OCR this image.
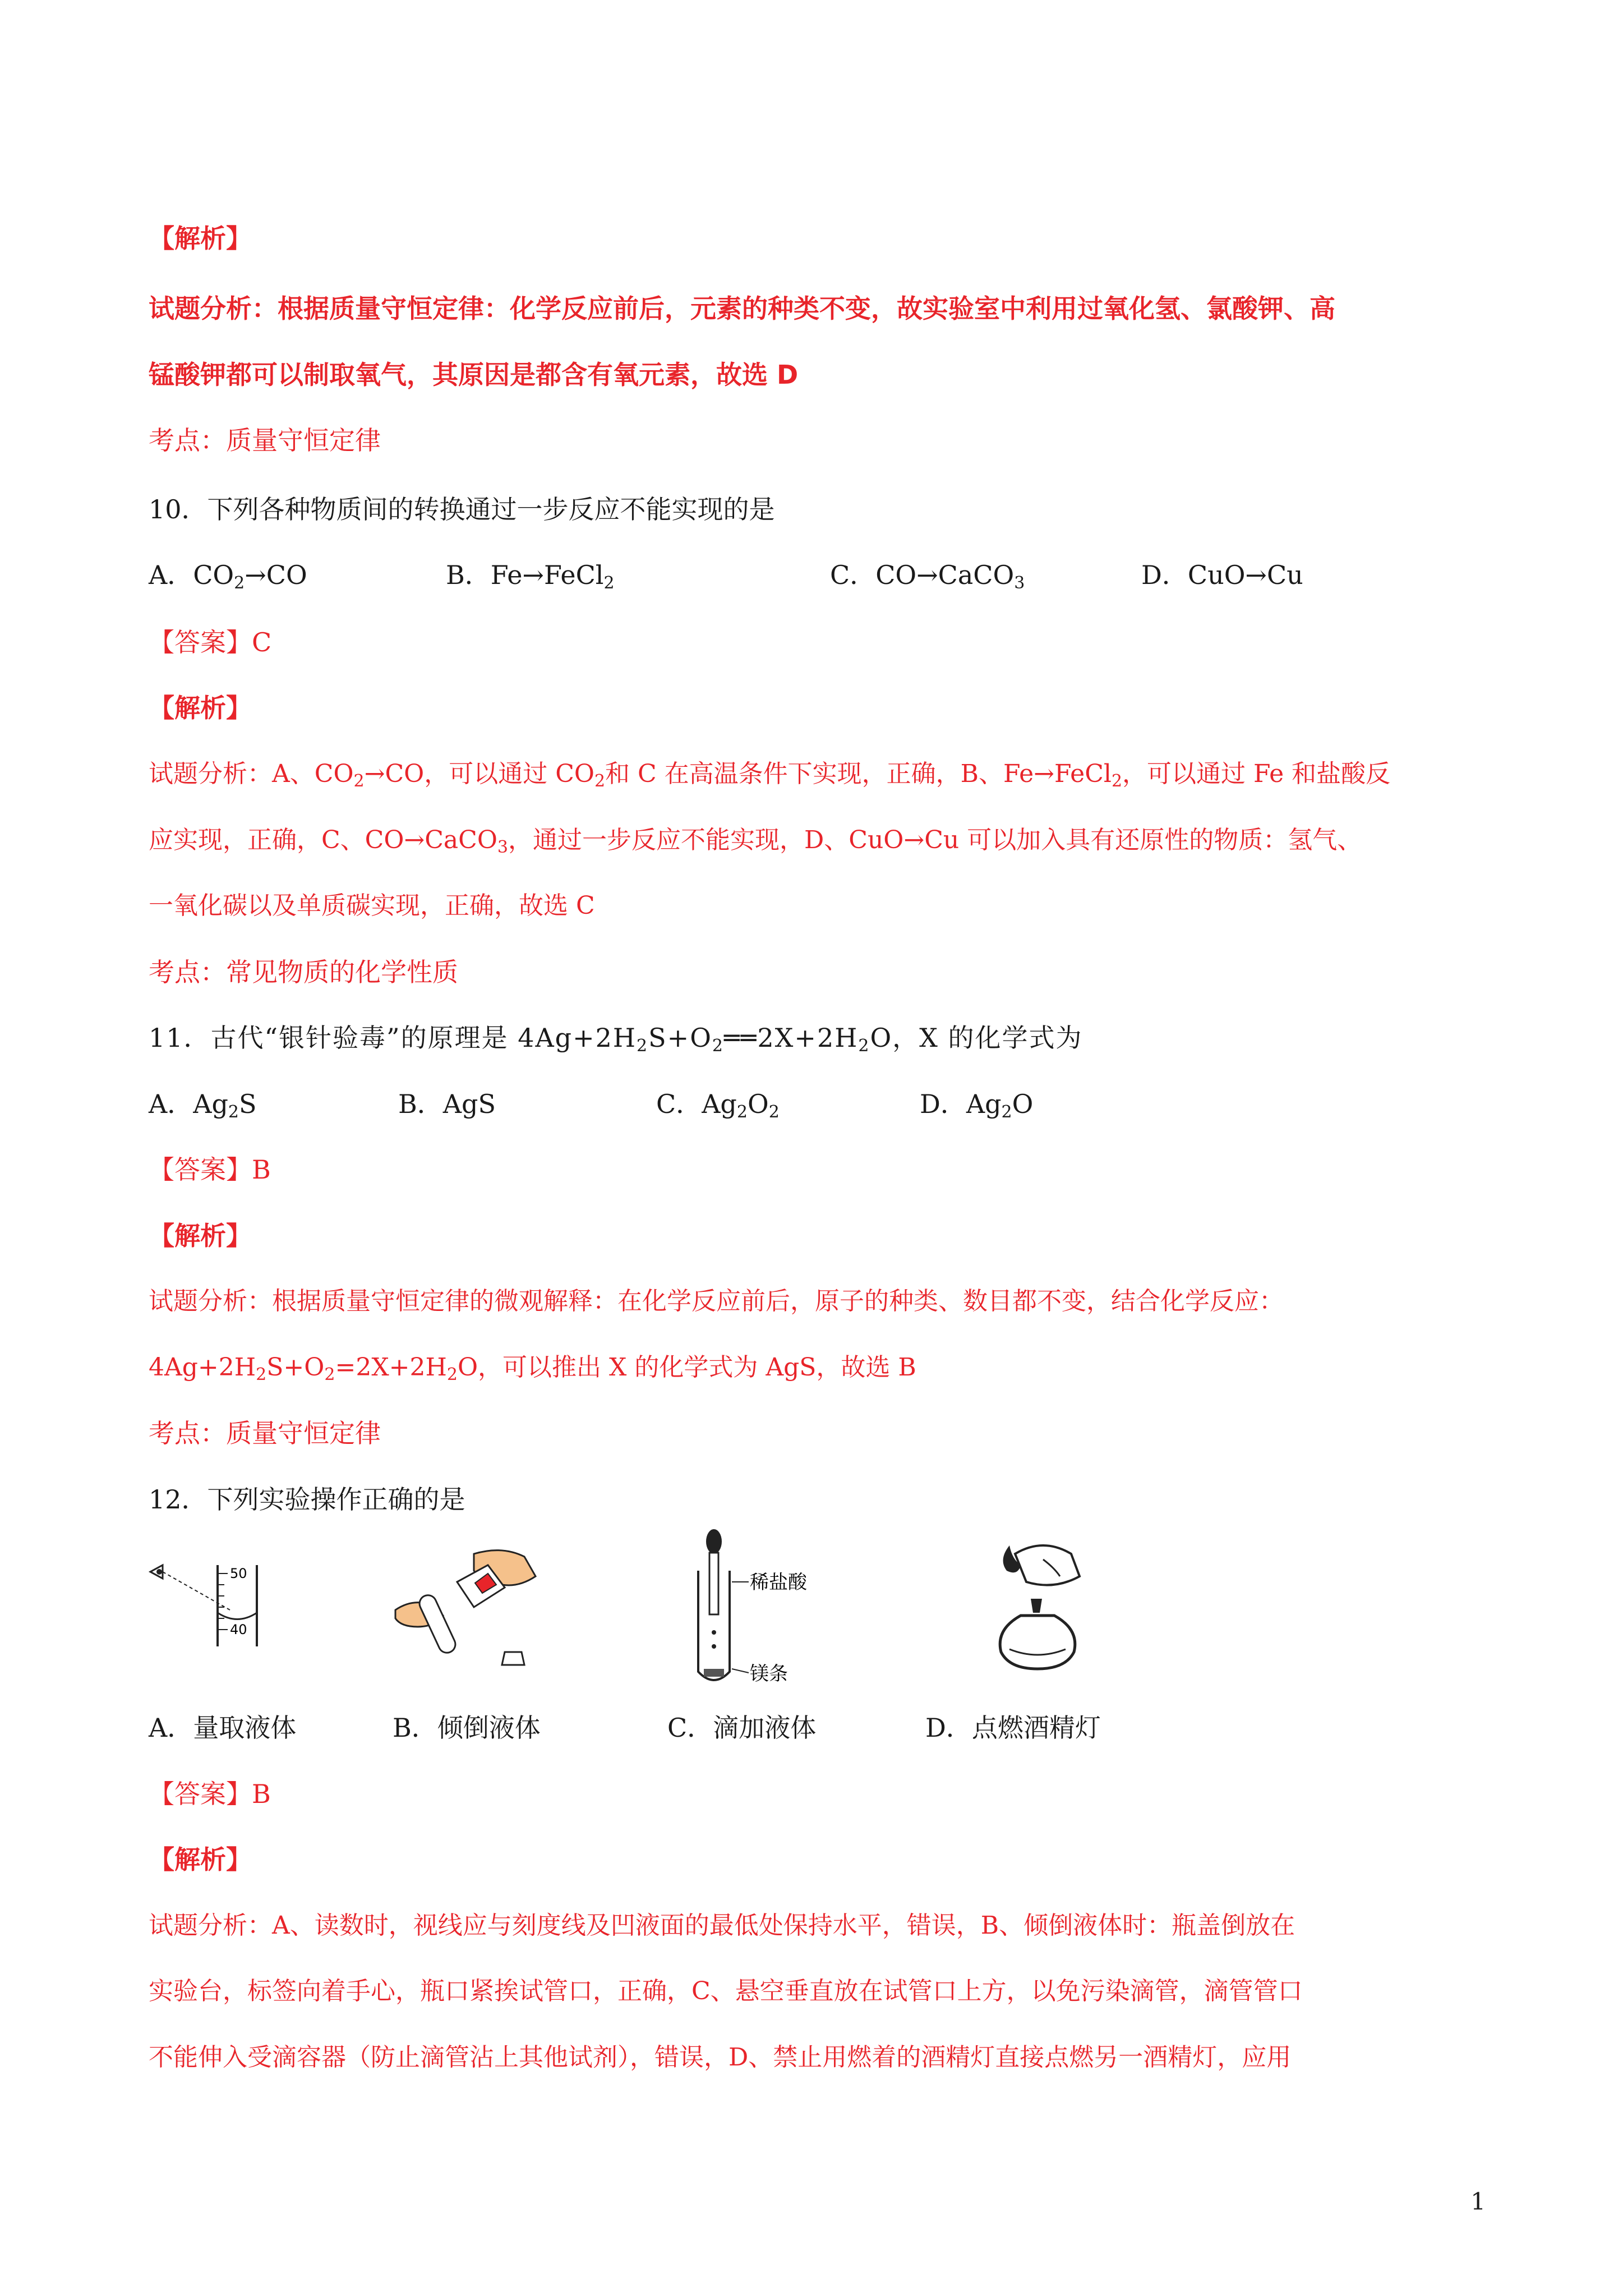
【解析】
试题分析：根据质量守恒定律：化学反应前后，元素的种类不变，故实验室中利用过氧化氢、氯酸钾、高
锰酸钾都可以制取氧气，其原因是都含有氧元素，故选 D
考点：质量守恒定律
10．下列各种物质间的转换通过一步反应不能实现的是
A．$CO_2\to CO$	B．Fe→FeCl$_2$	C．CO→CaCO$_3$	D．CuO→Cu
【答案】C
【解析】
试题分析：A、$CO_2\to CO$，可以通过 $CO_2$和 C 在高温条件下实现，正确，B、Fe→FeCl$_2$，可以通过 Fe 和盐酸反
应实现，正确，C、CO→CaCO$_3$，通过一步反应不能实现，D、CuO→Cu 可以加入具有还原性的物质：氢气、
一氧化碳以及单质碳实现，正确，故选 C
考点：常见物质的化学性质
11．古代“银针验毒”的原理是 $4Ag+2H_2S+O_2══2X+2H_2O$，X 的化学式为
A．$Ag_2S$	B．AgS	C．$Ag_2O_2$	D．$Ag_2O$
【答案】B
【解析】
试题分析：根据质量守恒定律的微观解释：在化学反应前后，原子的种类、数目都不变，结合化学反应：
$4Ag+2H_2S+O_2=2X+2H_2O$，可以推出 X 的化学式为 AgS，故选 B
考点：质量守恒定律
12．下列实验操作正确的是
50
40
稀盐酸
镁条
A．量取液体	B．倾倒液体	C．滴加液体	D．点燃酒精灯
【答案】B
【解析】
试题分析：A、读数时，视线应与刻度线及凹液面的最低处保持水平，错误，B、倾倒液体时：瓶盖倒放在
实验台，标签向着手心，瓶口紧挨试管口，正确，C、悬空垂直放在试管口上方，以免污染滴管，滴管管口
不能伸入受滴容器（防止滴管沾上其他试剂），错误，D、禁止用燃着的酒精灯直接点燃另一酒精灯，应用
1
